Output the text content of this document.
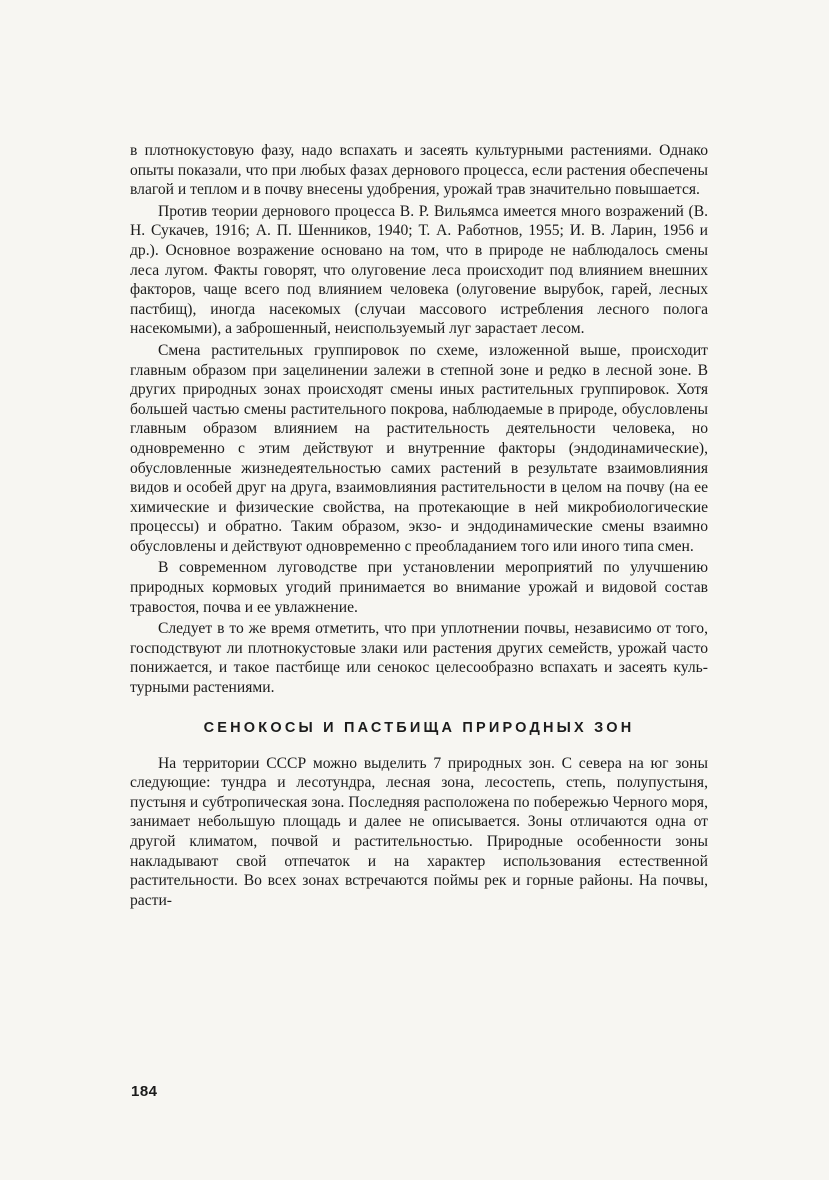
в плотнокустовую фазу, надо вспахать и засеять культурными растениями. Однако опыты показали, что при любых фазах дернового процесса, если растения обеспечены влагой и теплом и в почву внесены удобрения, урожай трав значительно повышается.

Против теории дернового процесса В. Р. Вильямса имеется много возражений (В. Н. Сукачев, 1916; А. П. Шенников, 1940; Т. А. Работнов, 1955; И. В. Ларин, 1956 и др.). Основное возражение основано на том, что в природе не наблюдалось смены леса лугом. Факты говорят, что олуговение леса происходит под влиянием внешних факторов, чаще всего под влиянием человека (олуговение вырубок, гарей, лесных пастбищ), иногда насекомых (случаи массового истребления лесного полога насекомыми), а заброшенный, неиспользуемый луг зарастает лесом.

Смена растительных группировок по схеме, изложенной выше, происходит главным образом при зацелинении залежи в степной зоне и редко в лесной зоне. В других природных зонах происходят смены иных растительных группировок. Хотя большей частью смены растительного покрова, наблюдаемые в природе, обусловлены главным образом влиянием на растительность деятельности человека, но одновременно с этим действуют и внутренние факторы (эндодинамические), обусловленные жизнедеятельностью самих растений в результате взаимовлияния видов и особей друг на друга, взаимовлияния растительности в целом на почву (на ее химические и физические свойства, на протекающие в ней микробиологические процессы) и обратно. Таким образом, экзо- и эндодинамические смены взаимно обусловлены и действуют одновременно с преобладанием того или иного типа смен.

В современном луговодстве при установлении мероприятий по улучшению природных кормовых угодий принимается во внимание урожай и видовой состав травостоя, почва и ее увлажнение.

Следует в то же время отметить, что при уплотнении почвы, независимо от того, господствуют ли плотнокустовые злаки или растения других семейств, урожай часто понижается, и такое пастбище или сенокос целесообразно вспахать и засеять культурными растениями.

СЕНОКОСЫ И ПАСТБИЩА ПРИРОДНЫХ ЗОН

На территории СССР можно выделить 7 природных зон. С севера на юг зоны следующие: тундра и лесотундра, лесная зона, лесостепь, степь, полупустыня, пустыня и субтропическая зона. Последняя расположена по побережью Черного моря, занимает небольшую площадь и далее не описывается. Зоны отличаются одна от другой климатом, почвой и растительностью. Природные особенности зоны накладывают свой отпечаток и на характер использования естественной растительности. Во всех зонах встречаются поймы рек и горные районы. На почвы, расти-

184
